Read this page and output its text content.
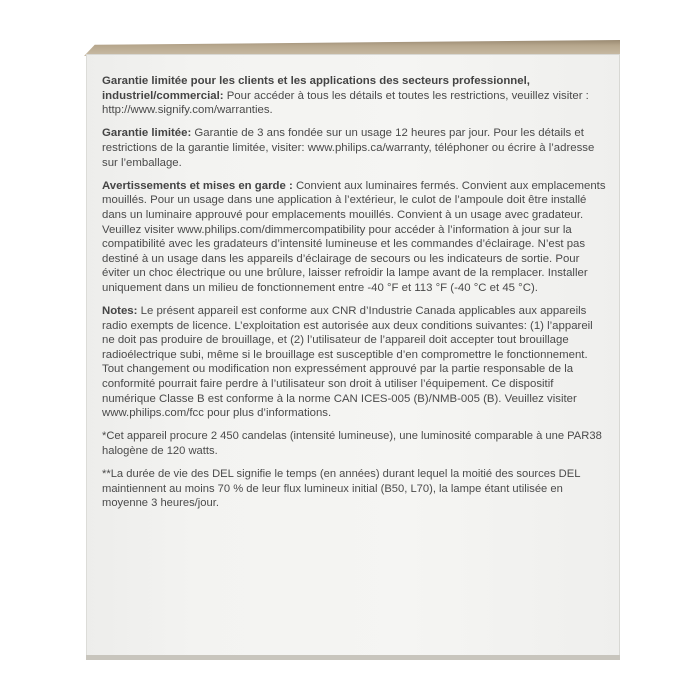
Garantie limitée pour les clients et les applications des secteurs professionnel, industriel/commercial: Pour accéder à tous les détails et toutes les restrictions, veuillez visiter : http://www.signify.com/warranties.

Garantie limitée: Garantie de 3 ans fondée sur un usage 12 heures par jour. Pour les détails et restrictions de la garantie limitée, visiter: www.philips.ca/warranty, téléphoner ou écrire à l’adresse sur l’emballage.

Avertissements et mises en garde : Convient aux luminaires fermés. Convient aux emplacements mouillés. Pour un usage dans une application à l’extérieur, le culot de l’ampoule doit être installé dans un luminaire approuvé pour emplacements mouillés. Convient à un usage avec gradateur. Veuillez visiter www.philips.com/dimmercompatibility pour accéder à l’information à jour sur la compatibilité avec les gradateurs d’intensité lumineuse et les commandes d’éclairage. N’est pas destiné à un usage dans les appareils d’éclairage de secours ou les indicateurs de sortie. Pour éviter un choc électrique ou une brûlure, laisser refroidir la lampe avant de la remplacer. Installer uniquement dans un milieu de fonctionnement entre -40 °F et 113 °F (-40 °C et 45 °C).

Notes: Le présent appareil est conforme aux CNR d’Industrie Canada applicables aux appareils radio exempts de licence. L’exploitation est autorisée aux deux conditions suivantes: (1) l’appareil ne doit pas produire de brouillage, et (2) l’utilisateur de l’appareil doit accepter tout brouillage radioélectrique subi, même si le brouillage est susceptible d’en compromettre le fonctionnement. Tout changement ou modification non expressément approuvé par la partie responsable de la conformité pourrait faire perdre à l’utilisateur son droit à utiliser l’équipement. Ce dispositif numérique Classe B est conforme à la norme CAN ICES-005 (B)/NMB-005 (B). Veuillez visiter www.philips.com/fcc pour plus d’informations.

*Cet appareil procure 2 450 candelas (intensité lumineuse), une luminosité comparable à une PAR38 halogène de 120 watts.

**La durée de vie des DEL signifie le temps (en années) durant lequel la moitié des sources DEL maintiennent au moins 70 % de leur flux lumineux initial (B50, L70), la lampe étant utilisée en moyenne 3 heures/jour.
